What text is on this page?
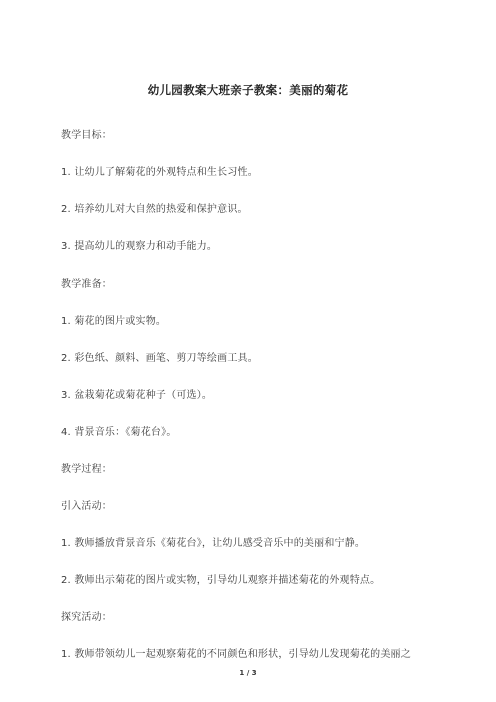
幼儿园教案大班亲子教案：美丽的菊花
教学目标：
1. 让幼儿了解菊花的外观特点和生长习性。
2. 培养幼儿对大自然的热爱和保护意识。
3. 提高幼儿的观察力和动手能力。
教学准备：
1. 菊花的图片或实物。
2. 彩色纸、颜料、画笔、剪刀等绘画工具。
3. 盆栽菊花或菊花种子（可选）。
4. 背景音乐：《菊花台》。
教学过程：
引入活动：
1. 教师播放背景音乐《菊花台》，让幼儿感受音乐中的美丽和宁静。
2. 教师出示菊花的图片或实物，引导幼儿观察并描述菊花的外观特点。
探究活动：
1. 教师带领幼儿一起观察菊花的不同颜色和形状，引导幼儿发现菊花的美丽之
1 / 3
